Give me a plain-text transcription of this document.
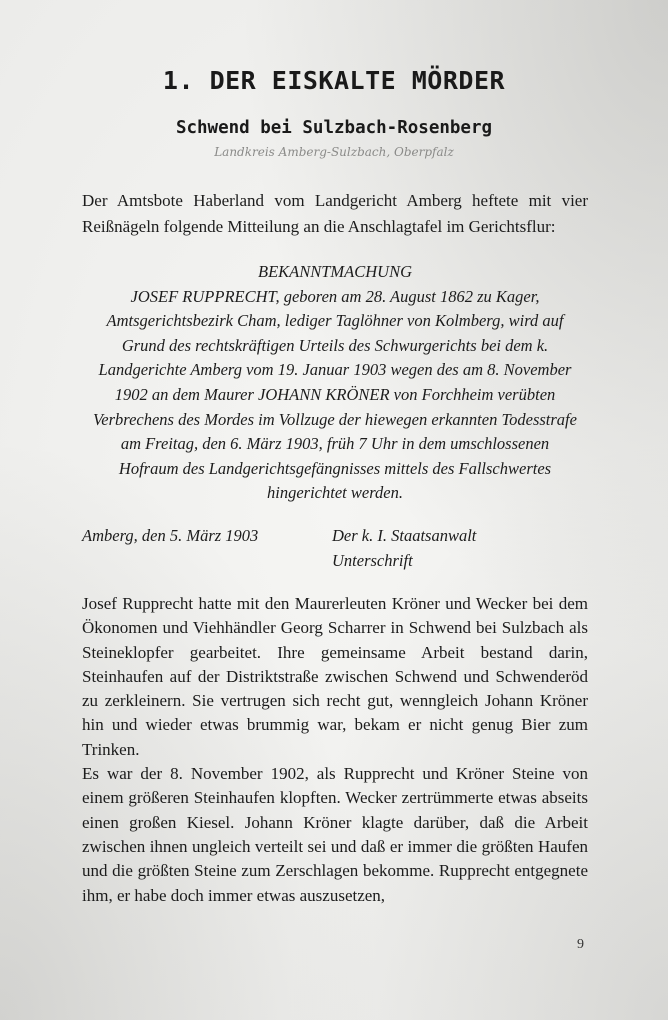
1. DER EISKALTE MÖRDER
Schwend bei Sulzbach-Rosenberg
Landkreis Amberg-Sulzbach, Oberpfalz

Der Amtsbote Haberland vom Landgericht Amberg heftete mit vier Reißnägeln folgende Mitteilung an die Anschlagtafel im Gerichtsflur:

BEKANNTMACHUNG

JOSEF RUPPRECHT, geboren am 28. August 1862 zu Kager, Amtsgerichtsbezirk Cham, lediger Taglöhner von Kolmberg, wird auf Grund des rechtskräftigen Urteils des Schwurgerichts bei dem k. Landgerichte Amberg vom 19. Januar 1903 wegen des am 8. November 1902 an dem Maurer JOHANN KRÖNER von Forchheim verübten Verbrechens des Mordes im Vollzuge der hiewegen erkannten Todesstrafe am Freitag, den 6. März 1903, früh 7 Uhr in dem umschlossenen Hofraum des Landgerichtsgefängnisses mittels des Fallschwertes hingerichtet werden.

Amberg, den 5. März 1903	Der k. I. Staatsanwalt
Unterschrift

Josef Rupprecht hatte mit den Maurerleuten Kröner und Wecker bei dem Ökonomen und Viehhändler Georg Scharrer in Schwend bei Sulzbach als Steineklopfer gearbeitet. Ihre gemeinsame Arbeit bestand darin, Steinhaufen auf der Distriktstraße zwischen Schwend und Schwenderöd zu zerkleinern. Sie vertrugen sich recht gut, wenngleich Johann Kröner hin und wieder etwas brummig war, bekam er nicht genug Bier zum Trinken.

Es war der 8. November 1902, als Rupprecht und Kröner Steine von einem größeren Steinhaufen klopften. Wecker zertrümmerte etwas abseits einen großen Kiesel. Johann Kröner klagte darüber, daß die Arbeit zwischen ihnen ungleich verteilt sei und daß er immer die größten Haufen und die größten Steine zum Zerschlagen bekomme. Rupprecht entgegnete ihm, er habe doch immer etwas auszusetzen,

9
